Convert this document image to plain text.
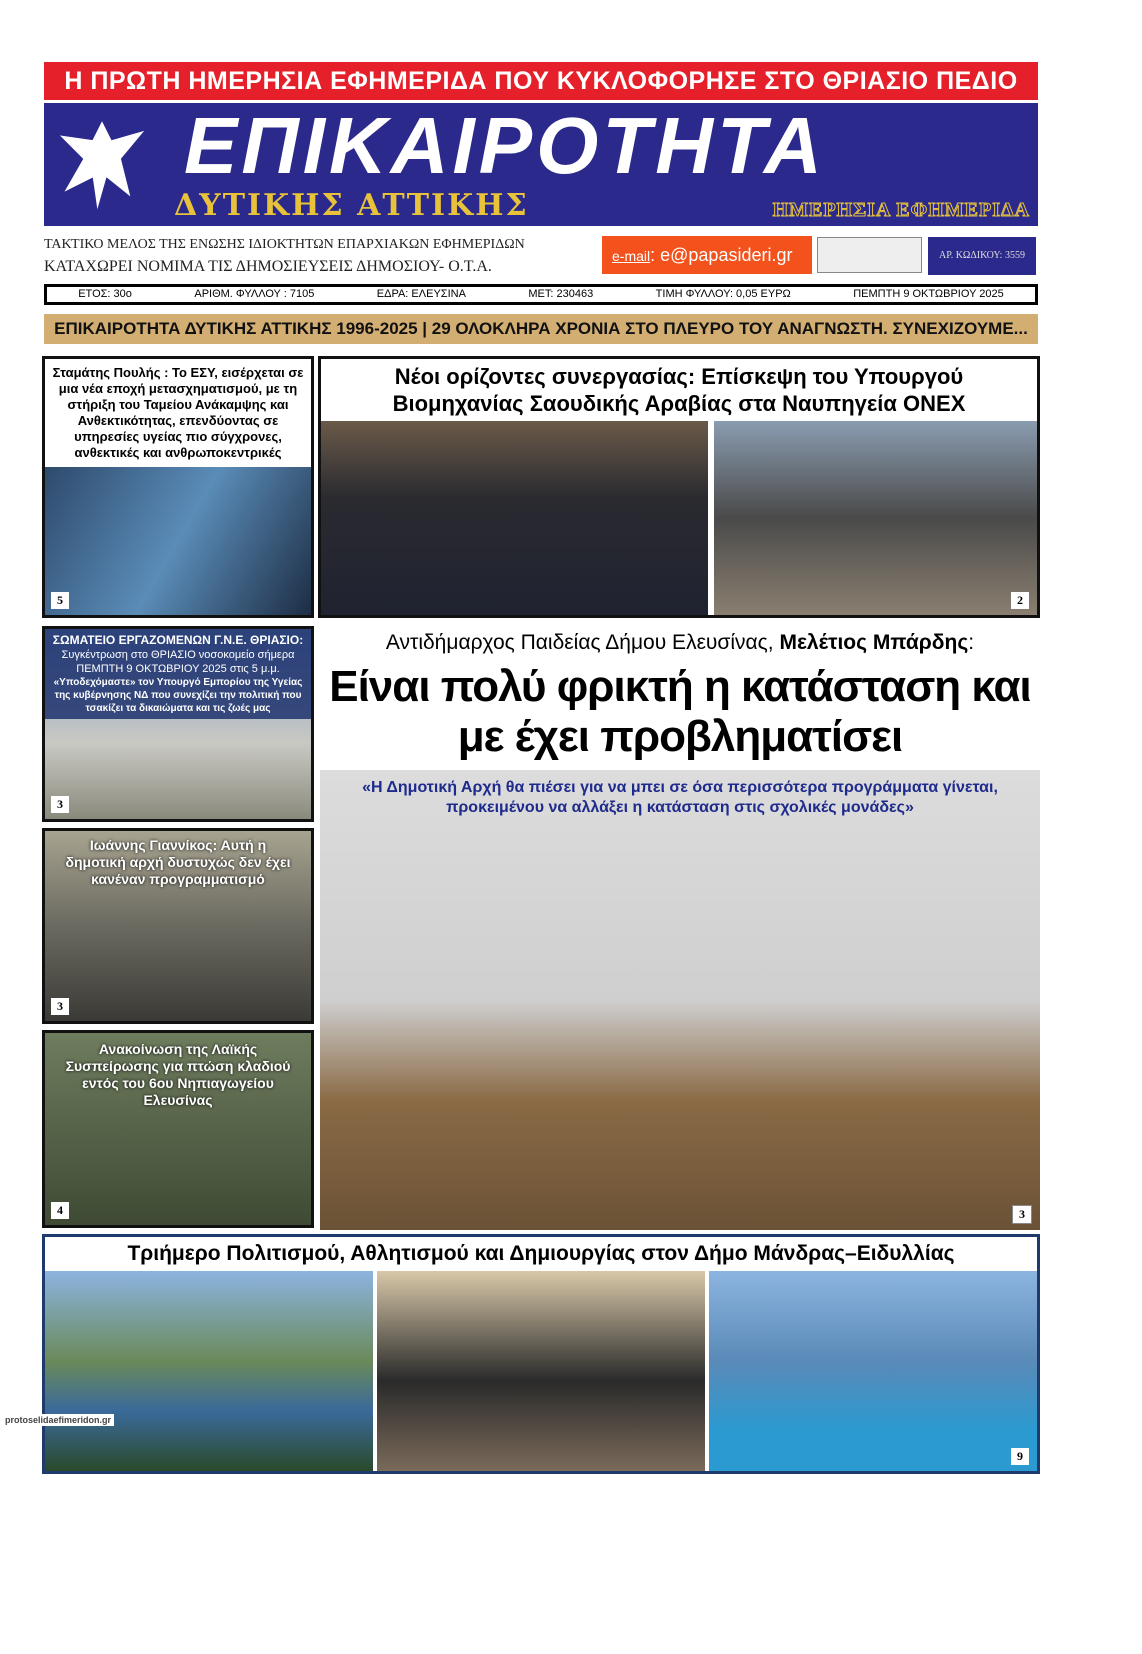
Η ΠΡΩΤΗ ΗΜΕΡΗΣΙΑ ΕΦΗΜΕΡΙΔΑ ΠΟΥ ΚΥΚΛΟΦΟΡΗΣΕ ΣΤΟ ΘΡΙΑΣΙΟ ΠΕΔΙΟ
ΕΠΙΚΑΙΡΟΤΗΤΑ
ΔΥΤΙΚΗΣ ΑΤΤΙΚΗΣ	ΗΜΕΡΗΣΙΑ ΕΦΗΜΕΡΙΔΑ
ΤΑΚΤΙΚΟ ΜΕΛΟΣ ΤΗΣ ΕΝΩΣΗΣ ΙΔΙΟΚΤΗΤΩΝ ΕΠΑΡΧΙΑΚΩΝ ΕΦΗΜΕΡΙΔΩΝ
ΚΑΤΑΧΩΡΕΙ ΝΟΜΙΜΑ ΤΙΣ ΔΗΜΟΣΙΕΥΣΕΙΣ ΔΗΜΟΣΙΟΥ- Ο.Τ.Α.
e-mail: e@papasideri.gr	ΑΡ. ΚΩΔΙΚΟΥ: 3559
ΕΤΟΣ: 30ο	ΑΡΙΘΜ. ΦΥΛΛΟΥ : 7105	ΕΔΡΑ: ΕΛΕΥΣΙΝΑ	ΜΕΤ: 230463	ΤΙΜΗ ΦΥΛΛΟΥ: 0,05 ΕΥΡΩ	ΠΕΜΠΤΗ 9 ΟΚΤΩΒΡΙΟΥ 2025
ΕΠΙΚΑΙΡΟΤΗΤΑ ΔΥΤΙΚΗΣ ΑΤΤΙΚΗΣ 1996-2025 | 29 ΟΛΟΚΛΗΡΑ ΧΡΟΝΙΑ ΣΤΟ ΠΛΕΥΡΟ ΤΟΥ ΑΝΑΓΝΩΣΤΗ. ΣΥΝΕΧΙΖΟΥΜΕ...
Σταμάτης Πουλής : Το ΕΣΥ, εισέρχεται σε μια νέα εποχή μετασχηματισμού, με τη στήριξη του Ταμείου Ανάκαμψης και Ανθεκτικότητας, επενδύοντας σε υπηρεσίες υγείας πιο σύγχρονες, ανθεκτικές και ανθρωποκεντρικές
5
ΣΩΜΑΤΕΙΟ ΕΡΓΑΖΟΜΕΝΩΝ Γ.Ν.Ε. ΘΡΙΑΣΙΟ:
Συγκέντρωση στο ΘΡΙΑΣΙΟ νοσοκομείο σήμερα ΠΕΜΠΤΗ 9 ΟΚΤΩΒΡΙΟΥ 2025 στις 5 μ.μ.
«Υποδεχόμαστε» τον Υπουργό Εμπορίου της Υγείας της κυβέρνησης ΝΔ που συνεχίζει την πολιτική που τσακίζει τα δικαιώματα και τις ζωές μας
3
Ιωάννης Γιαννίκος: Αυτή η δημοτική αρχή δυστυχώς δεν έχει κανέναν προγραμματισμό
3
Ανακοίνωση της Λαϊκής Συσπείρωσης για πτώση κλαδιού εντός του 6ου Νηπιαγωγείου Ελευσίνας
4
Νέοι ορίζοντες συνεργασίας: Επίσκεψη του Υπουργού Βιομηχανίας Σαουδικής Αραβίας στα Ναυπηγεία ΟΝΕΧ
2
Αντιδήμαρχος Παιδείας Δήμου Ελευσίνας, Μελέτιος Μπάρδης:
Είναι πολύ φρικτή η κατάσταση και με έχει προβληματίσει
«Η Δημοτική Αρχή θα πιέσει για να μπει σε όσα περισσότερα προγράμματα γίνεται, προκειμένου να αλλάξει η κατάσταση στις σχολικές μονάδες»
3
Τριήμερο Πολιτισμού, Αθλητισμού και Δημιουργίας στον Δήμο Μάνδρας–Ειδυλλίας
9
protoselidaefimeridon.gr
